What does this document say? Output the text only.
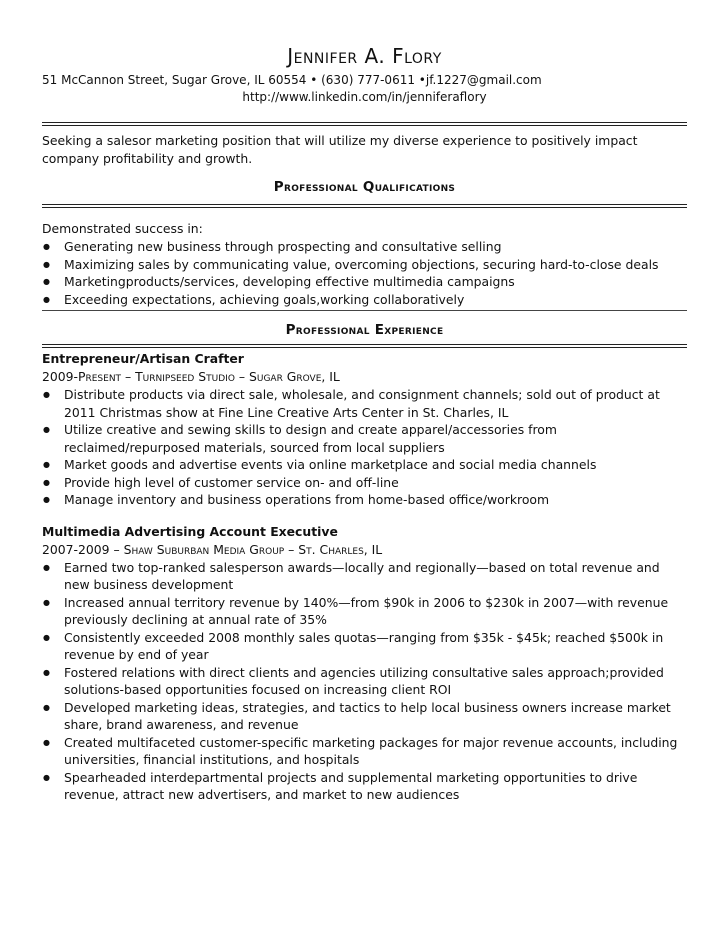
Jennifer A. Flory
51 McCannon Street, Sugar Grove, IL 60554 • (630) 777-0611 •jf.1227@gmail.com
http://www.linkedin.com/in/jenniferaflory
Seeking a salesor marketing position that will utilize my diverse experience to positively impact company profitability and growth.
Professional Qualifications
Demonstrated success in:
● Generating new business through prospecting and consultative selling
● Maximizing sales by communicating value, overcoming objections, securing hard-to-close deals
● Marketingproducts/services, developing effective multimedia campaigns
● Exceeding expectations, achieving goals,working collaboratively
Professional Experience
Entrepreneur/Artisan Crafter
2009-Present – Turnipseed Studio – Sugar Grove, IL
● Distribute products via direct sale, wholesale, and consignment channels; sold out of product at 2011 Christmas show at Fine Line Creative Arts Center in St. Charles, IL
● Utilize creative and sewing skills to design and create apparel/accessories from reclaimed/repurposed materials, sourced from local suppliers
● Market goods and advertise events via online marketplace and social media channels
● Provide high level of customer service on- and off-line
● Manage inventory and business operations from home-based office/workroom
Multimedia Advertising Account Executive
2007-2009 – Shaw Suburban Media Group – St. Charles, IL
● Earned two top-ranked salesperson awards—locally and regionally—based on total revenue and new business development
● Increased annual territory revenue by 140%—from $90k in 2006 to $230k in 2007—with revenue previously declining at annual rate of 35%
● Consistently exceeded 2008 monthly sales quotas—ranging from $35k - $45k; reached $500k in revenue by end of year
● Fostered relations with direct clients and agencies utilizing consultative sales approach;provided solutions-based opportunities focused on increasing client ROI
● Developed marketing ideas, strategies, and tactics to help local business owners increase market share, brand awareness, and revenue
● Created multifaceted customer-specific marketing packages for major revenue accounts, including universities, financial institutions, and hospitals
● Spearheaded interdepartmental projects and supplemental marketing opportunities to drive revenue, attract new advertisers, and market to new audiences
